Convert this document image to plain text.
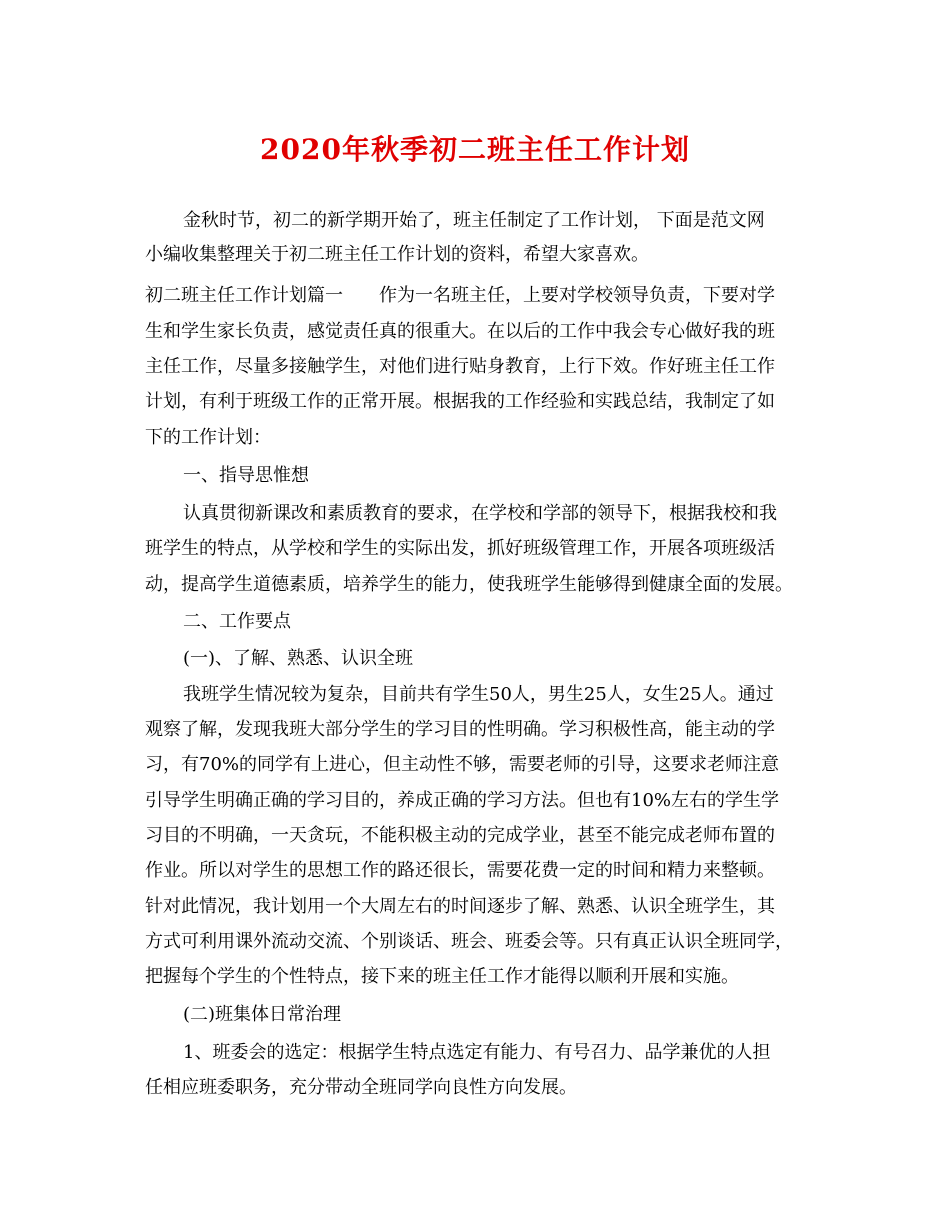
2020年秋季初二班主任工作计划

金秋时节，初二的新学期开始了，班主任制定了工作计划， 下面是范文网

小编收集整理关于初二班主任工作计划的资料，希望大家喜欢。

初二班主任工作计划篇一 作为一名班主任，上要对学校领导负责，下要对学

生和学生家长负责，感觉责任真的很重大。在以后的工作中我会专心做好我的班

主任工作，尽量多接触学生，对他们进行贴身教育，上行下效。作好班主任工作

计划，有利于班级工作的正常开展。根据我的工作经验和实践总结，我制定了如

下的工作计划：

一、指导思惟想

认真贯彻新课改和素质教育的要求，在学校和学部的领导下，根据我校和我

班学生的特点，从学校和学生的实际出发，抓好班级管理工作，开展各项班级活

动，提高学生道德素质，培养学生的能力，使我班学生能够得到健康全面的发展。

二、工作要点

(一)、了解、熟悉、认识全班

我班学生情况较为复杂，目前共有学生50人，男生25人，女生25人。通过

观察了解，发现我班大部分学生的学习目的性明确。学习积极性高，能主动的学

习，有70%的同学有上进心，但主动性不够，需要老师的引导，这要求老师注意

引导学生明确正确的学习目的，养成正确的学习方法。但也有10%左右的学生学

习目的不明确，一天贪玩，不能积极主动的完成学业，甚至不能完成老师布置的

作业。所以对学生的思想工作的路还很长，需要花费一定的时间和精力来整顿。

针对此情况，我计划用一个大周左右的时间逐步了解、熟悉、认识全班学生，其

方式可利用课外流动交流、个别谈话、班会、班委会等。只有真正认识全班同学，

把握每个学生的个性特点，接下来的班主任工作才能得以顺利开展和实施。

(二)班集体日常治理

1、班委会的选定：根据学生特点选定有能力、有号召力、品学兼优的人担

任相应班委职务，充分带动全班同学向良性方向发展。
